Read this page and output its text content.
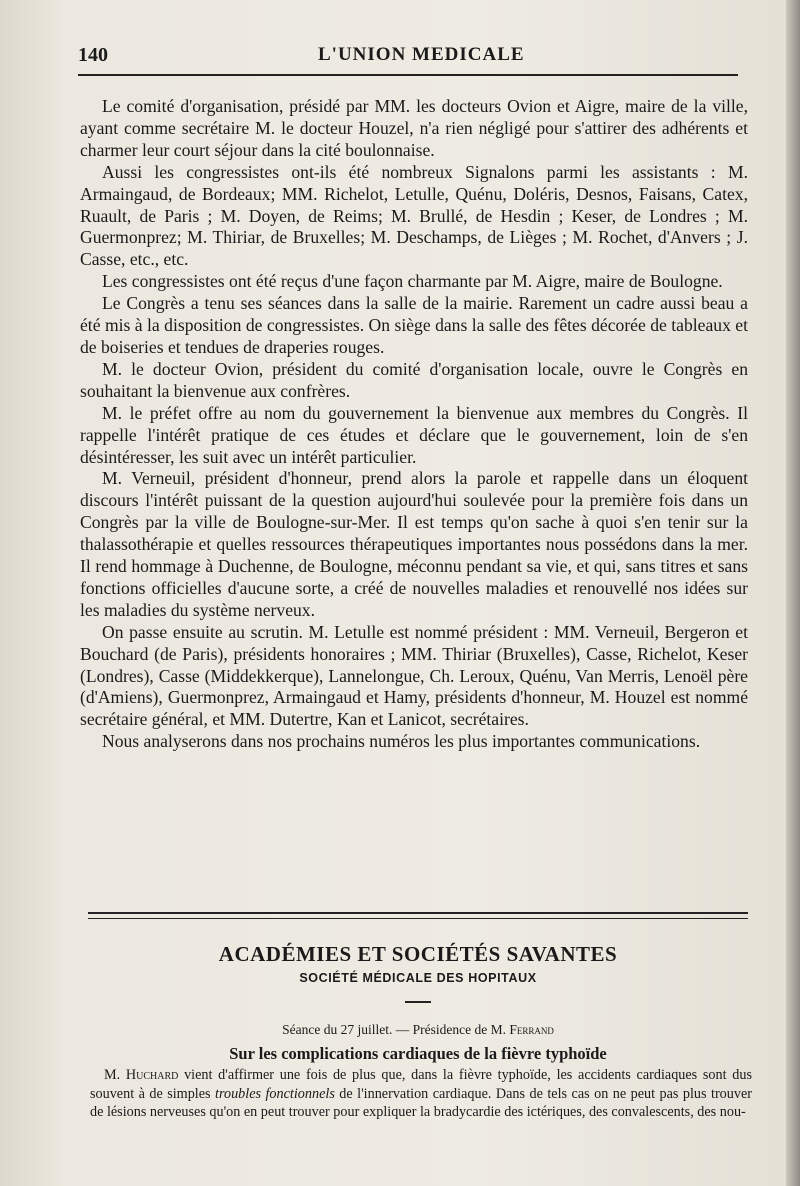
140	L'UNION MEDICALE

Le comité d'organisation, présidé par MM. les docteurs Ovion et Aigre, maire de la ville, ayant comme secrétaire M. le docteur Houzel, n'a rien négligé pour s'attirer des adhérents et charmer leur court séjour dans la cité boulonnaise.

Aussi les congressistes ont-ils été nombreux Signalons parmi les assistants : M. Armaingaud, de Bordeaux; MM. Richelot, Letulle, Quénu, Doléris, Desnos, Faisans, Catex, Ruault, de Paris ; M. Doyen, de Reims; M. Brullé, de Hesdin ; Keser, de Londres ; M. Guermonprez; M. Thiriar, de Bruxelles; M. Deschamps, de Lièges ; M. Rochet, d'Anvers ; J. Casse, etc., etc.

Les congressistes ont été reçus d'une façon charmante par M. Aigre, maire de Boulogne.

Le Congrès a tenu ses séances dans la salle de la mairie. Rarement un cadre aussi beau a été mis à la disposition de congressistes. On siège dans la salle des fêtes décorée de tableaux et de boiseries et tendues de draperies rouges.

M. le docteur Ovion, président du comité d'organisation locale, ouvre le Congrès en souhaitant la bienvenue aux confrères.

M. le préfet offre au nom du gouvernement la bienvenue aux membres du Congrès. Il rappelle l'intérêt pratique de ces études et déclare que le gouvernement, loin de s'en désintéresser, les suit avec un intérêt particulier.

M. Verneuil, président d'honneur, prend alors la parole et rappelle dans un éloquent discours l'intérêt puissant de la question aujourd'hui soulevée pour la première fois dans un Congrès par la ville de Boulogne-sur-Mer. Il est temps qu'on sache à quoi s'en tenir sur la thalassothérapie et quelles ressources thérapeutiques importantes nous possédons dans la mer. Il rend hommage à Duchenne, de Boulogne, méconnu pendant sa vie, et qui, sans titres et sans fonctions officielles d'aucune sorte, a créé de nouvelles maladies et renouvellé nos idées sur les maladies du système nerveux.

On passe ensuite au scrutin. M. Letulle est nommé président : MM. Verneuil, Bergeron et Bouchard (de Paris), présidents honoraires ; MM. Thiriar (Bruxelles), Casse, Richelot, Keser (Londres), Casse (Middekkerque), Lannelongue, Ch. Leroux, Quénu, Van Merris, Lenoël père (d'Amiens), Guermonprez, Armaingaud et Hamy, présidents d'honneur, M. Houzel est nommé secrétaire général, et MM. Dutertre, Kan et Lanicot, secrétaires.

Nous analyserons dans nos prochains numéros les plus importantes communications.

ACADÉMIES ET SOCIÉTÉS SAVANTES
SOCIÉTÉ MÉDICALE DES HOPITAUX
Séance du 27 juillet. — Présidence de M. Ferrand
Sur les complications cardiaques de la fièvre typhoïde

M. Huchard vient d'affirmer une fois de plus que, dans la fièvre typhoïde, les accidents cardiaques sont dus souvent à de simples troubles fonctionnels de l'innervation cardiaque. Dans de tels cas on ne peut pas plus trouver de lésions nerveuses qu'on en peut trouver pour expliquer la bradycardie des ictériques, des convalescents, des nou-
